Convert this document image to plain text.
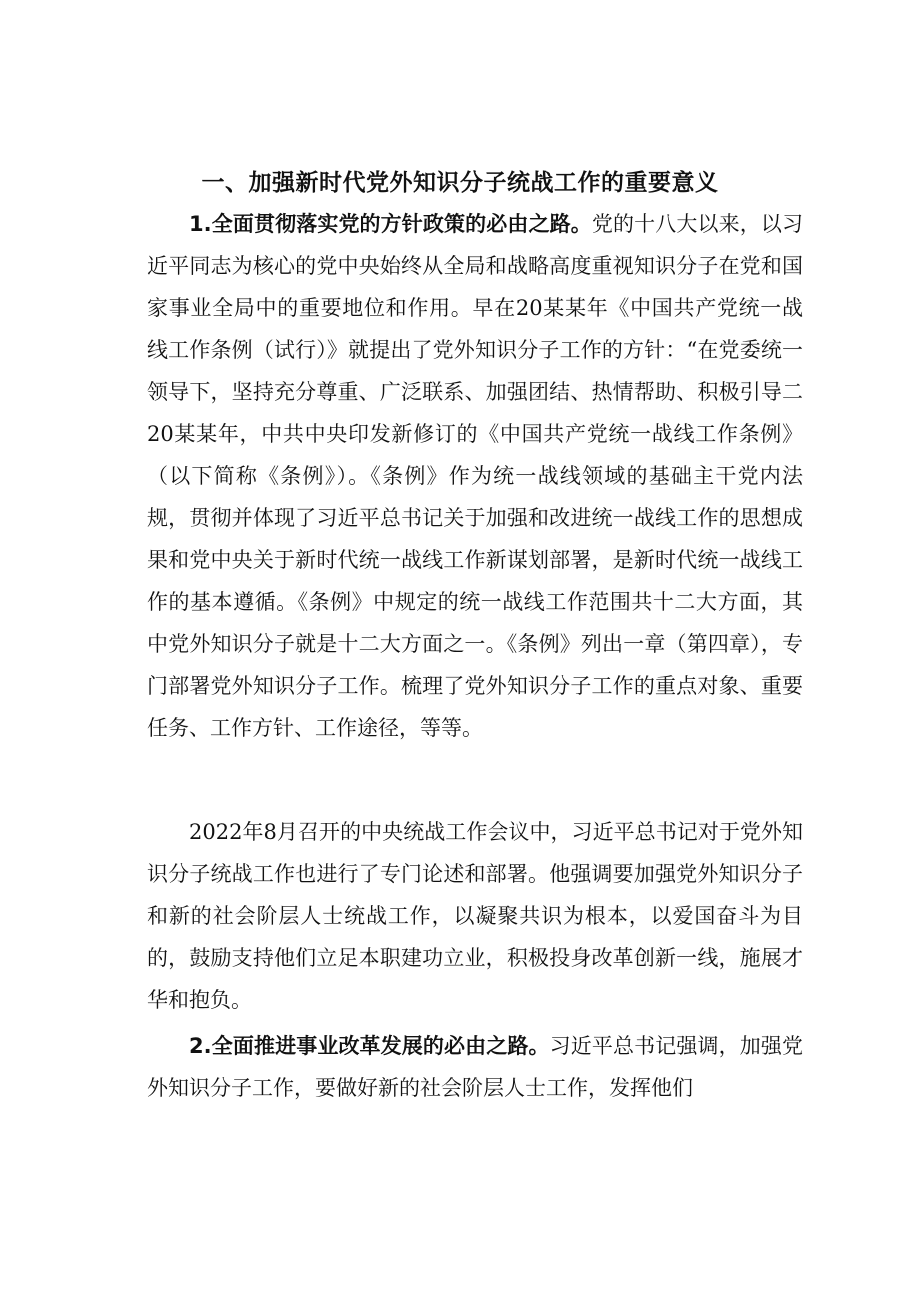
一、加强新时代党外知识分子统战工作的重要意义

1.全面贯彻落实党的方针政策的必由之路。党的十八大以来，以习近平同志为核心的党中央始终从全局和战略高度重视知识分子在党和国家事业全局中的重要地位和作用。早在20某某年《中国共产党统一战线工作条例（试行）》就提出了党外知识分子工作的方针：“在党委统一领导下，坚持充分尊重、广泛联系、加强团结、热情帮助、积极引导二20某某年，中共中央印发新修订的《中国共产党统一战线工作条例》（以下简称《条例》）。《条例》作为统一战线领域的基础主干党内法规，贯彻并体现了习近平总书记关于加强和改进统一战线工作的思想成果和党中央关于新时代统一战线工作新谋划部署，是新时代统一战线工作的基本遵循。《条例》中规定的统一战线工作范围共十二大方面，其中党外知识分子就是十二大方面之一。《条例》列出一章（第四章），专门部署党外知识分子工作。梳理了党外知识分子工作的重点对象、重要任务、工作方针、工作途径，等等。

2022年8月召开的中央统战工作会议中，习近平总书记对于党外知识分子统战工作也进行了专门论述和部署。他强调要加强党外知识分子和新的社会阶层人士统战工作，以凝聚共识为根本，以爱国奋斗为目的，鼓励支持他们立足本职建功立业，积极投身改革创新一线，施展才华和抱负。

2.全面推进事业改革发展的必由之路。习近平总书记强调，加强党外知识分子工作，要做好新的社会阶层人士工作，发挥他们
